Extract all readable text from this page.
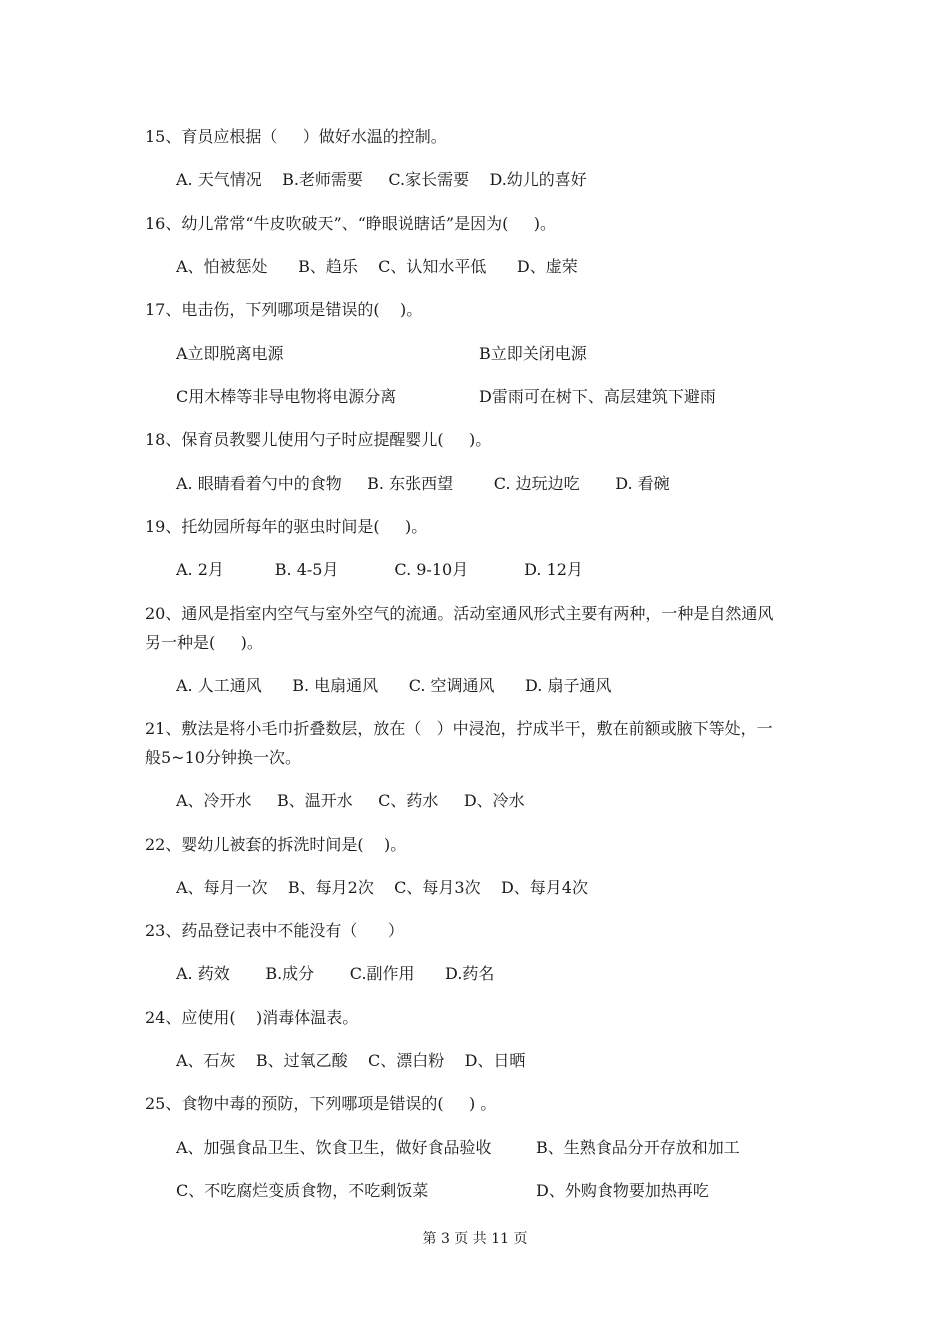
15、育员应根据（     ）做好水温的控制。
A. 天气情况    B.老师需要     C.家长需要    D.幼儿的喜好
16、幼儿常常“牛皮吹破天”、“睁眼说瞎话”是因为(     )。
A、怕被惩处      B、趋乐    C、认知水平低      D、虚荣
17、电击伤，下列哪项是错误的(    )。
A立即脱离电源	B立即关闭电源
C用木棒等非导电物将电源分离	D雷雨可在树下、高层建筑下避雨
18、保育员教婴儿使用勺子时应提醒婴儿(     )。
A. 眼睛看着勺中的食物     B. 东张西望        C. 边玩边吃       D. 看碗
19、托幼园所每年的驱虫时间是(     )。
A. 2月          B. 4-5月           C. 9-10月           D. 12月
20、通风是指室内空气与室外空气的流通。活动室通风形式主要有两种，一种是自然通风
另一种是(     )。
A. 人工通风      B. 电扇通风      C. 空调通风      D. 扇子通风
21、敷法是将小毛巾折叠数层，放在（   ）中浸泡，拧成半干，敷在前额或腋下等处，一
般5~10分钟换一次。
A、冷开水     B、温开水     C、药水     D、冷水
22、婴幼儿被套的拆洗时间是(    )。
A、每月一次    B、每月2次    C、每月3次    D、每月4次
23、药品登记表中不能没有（      ）
A. 药效       B.成分       C.副作用      D.药名
24、应使用(    )消毒体温表。
A、石灰    B、过氧乙酸    C、漂白粉    D、日晒
25、食物中毒的预防，下列哪项是错误的(     ) 。
A、加强食品卫生、饮食卫生，做好食品验收	B、生熟食品分开存放和加工
C、不吃腐烂变质食物，不吃剩饭菜	D、外购食物要加热再吃
第 3 页 共 11 页
